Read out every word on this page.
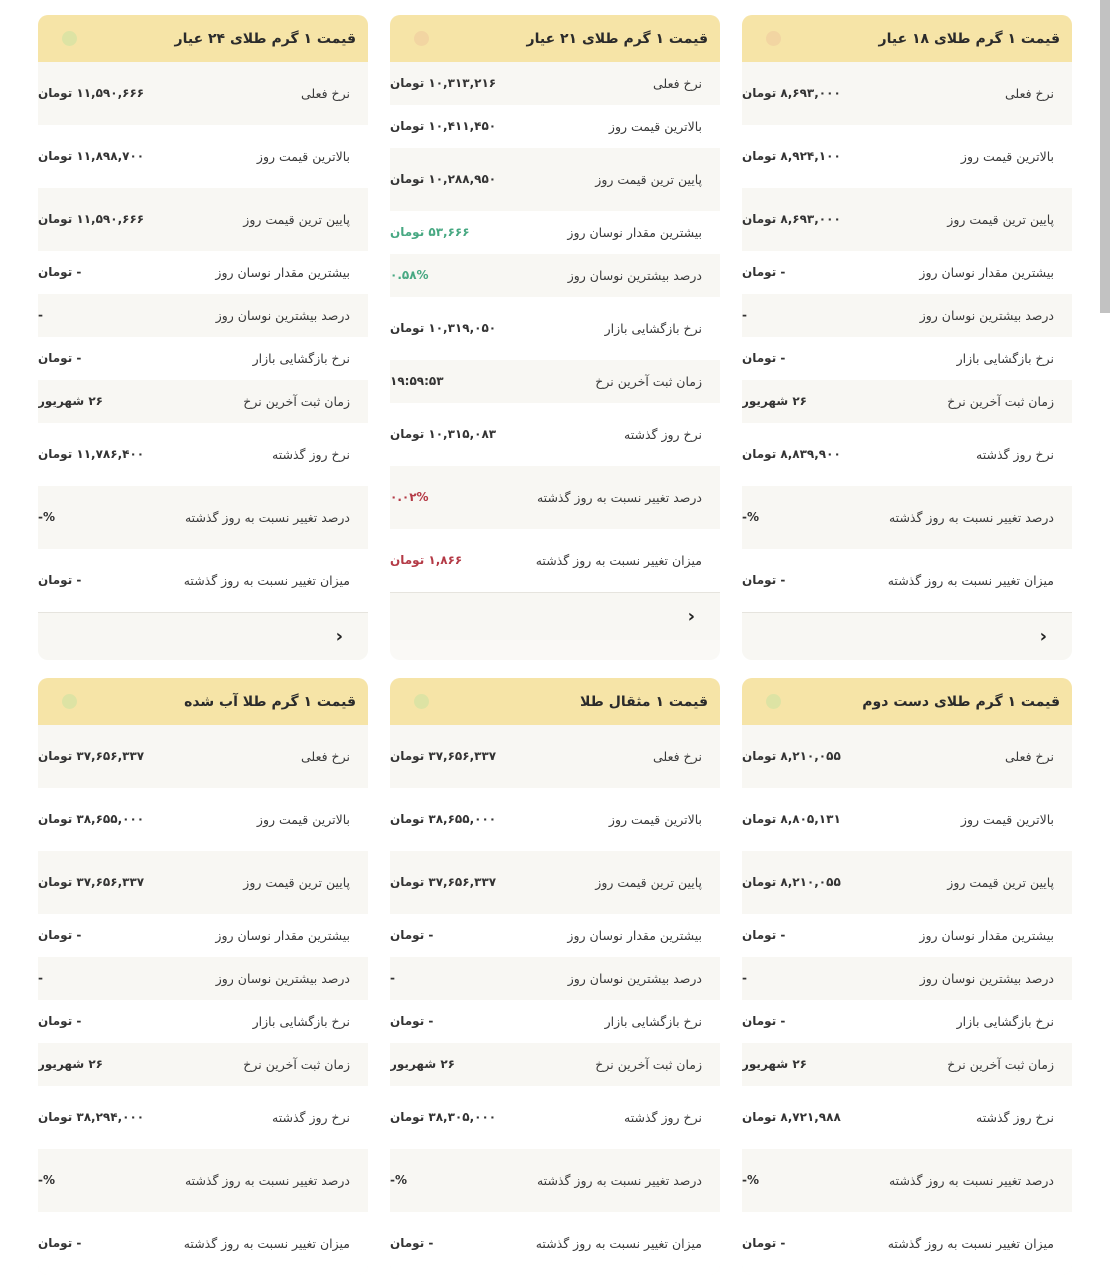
قیمت ۱ گرم طلای ۲۴ عیار
نرخ فعلی
۱۱,۵۹۰,۶۶۶ تومان
بالاترین قیمت روز
۱۱,۸۹۸,۷۰۰ تومان
پایین ترین قیمت روز
۱۱,۵۹۰,۶۶۶ تومان
بیشترین مقدار نوسان روز
- تومان
درصد بیشترین نوسان روز
-
نرخ بازگشایی بازار
- تومان
زمان ثبت آخرین نرخ
۲۶ شهریور
نرخ روز گذشته
۱۱,۷۸۶,۴۰۰ تومان
درصد تغییر نسبت به روز گذشته
%-
میزان تغییر نسبت به روز گذشته
- تومان
‹
قیمت ۱ گرم طلای ۲۱ عیار
نرخ فعلی
۱۰,۳۱۳,۲۱۶ تومان
بالاترین قیمت روز
۱۰,۴۱۱,۴۵۰ تومان
پایین ترین قیمت روز
۱۰,۲۸۸,۹۵۰ تومان
بیشترین مقدار نوسان روز
۵۳,۶۶۶ تومان
درصد بیشترین نوسان روز
۰.۵۸%
نرخ بازگشایی بازار
۱۰,۳۱۹,۰۵۰ تومان
زمان ثبت آخرین نرخ
۱۹:۵۹:۵۳
نرخ روز گذشته
۱۰,۳۱۵,۰۸۳ تومان
درصد تغییر نسبت به روز گذشته
۰.۰۲%
میزان تغییر نسبت به روز گذشته
۱,۸۶۶ تومان
‹
قیمت ۱ گرم طلای ۱۸ عیار
نرخ فعلی
۸,۶۹۳,۰۰۰ تومان
بالاترین قیمت روز
۸,۹۲۴,۱۰۰ تومان
پایین ترین قیمت روز
۸,۶۹۳,۰۰۰ تومان
بیشترین مقدار نوسان روز
- تومان
درصد بیشترین نوسان روز
-
نرخ بازگشایی بازار
- تومان
زمان ثبت آخرین نرخ
۲۶ شهریور
نرخ روز گذشته
۸,۸۳۹,۹۰۰ تومان
درصد تغییر نسبت به روز گذشته
%-
میزان تغییر نسبت به روز گذشته
- تومان
‹
قیمت ۱ گرم طلا آب شده
نرخ فعلی
۳۷,۶۵۶,۳۳۷ تومان
بالاترین قیمت روز
۳۸,۶۵۵,۰۰۰ تومان
پایین ترین قیمت روز
۳۷,۶۵۶,۳۳۷ تومان
بیشترین مقدار نوسان روز
- تومان
درصد بیشترین نوسان روز
-
نرخ بازگشایی بازار
- تومان
زمان ثبت آخرین نرخ
۲۶ شهریور
نرخ روز گذشته
۳۸,۲۹۴,۰۰۰ تومان
درصد تغییر نسبت به روز گذشته
%-
میزان تغییر نسبت به روز گذشته
- تومان
قیمت ۱ مثقال طلا
نرخ فعلی
۳۷,۶۵۶,۳۳۷ تومان
بالاترین قیمت روز
۳۸,۶۵۵,۰۰۰ تومان
پایین ترین قیمت روز
۳۷,۶۵۶,۳۳۷ تومان
بیشترین مقدار نوسان روز
- تومان
درصد بیشترین نوسان روز
-
نرخ بازگشایی بازار
- تومان
زمان ثبت آخرین نرخ
۲۶ شهریور
نرخ روز گذشته
۳۸,۳۰۵,۰۰۰ تومان
درصد تغییر نسبت به روز گذشته
%-
میزان تغییر نسبت به روز گذشته
- تومان
قیمت ۱ گرم طلای دست دوم
نرخ فعلی
۸,۲۱۰,۰۵۵ تومان
بالاترین قیمت روز
۸,۸۰۵,۱۳۱ تومان
پایین ترین قیمت روز
۸,۲۱۰,۰۵۵ تومان
بیشترین مقدار نوسان روز
- تومان
درصد بیشترین نوسان روز
-
نرخ بازگشایی بازار
- تومان
زمان ثبت آخرین نرخ
۲۶ شهریور
نرخ روز گذشته
۸,۷۲۱,۹۸۸ تومان
درصد تغییر نسبت به روز گذشته
%-
میزان تغییر نسبت به روز گذشته
- تومان
